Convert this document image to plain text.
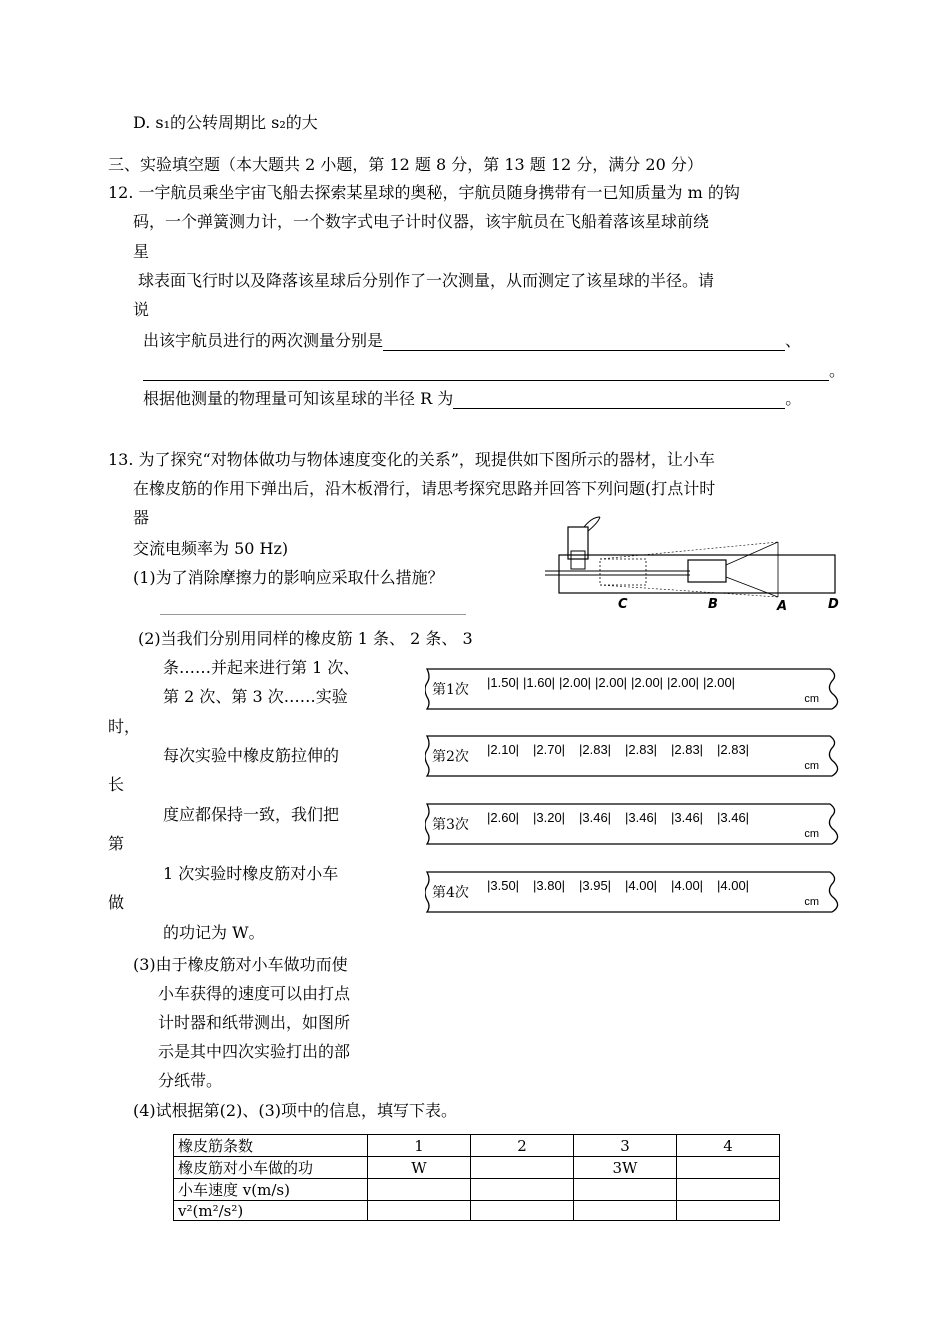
D. s₁的公转周期比 s₂的大
三、实验填空题（本大题共 2 小题，第 12 题 8 分，第 13 题 12 分，满分 20 分）
12. 一宇航员乘坐宇宙飞船去探索某星球的奥秘，宇航员随身携带有一已知质量为 m 的钩
码，一个弹簧测力计，一个数字式电子计时仪器，该宇航员在飞船着落该星球前绕
星
球表面飞行时以及降落该星球后分别作了一次测量，从而测定了该星球的半径。请
说
出该宇航员进行的两次测量分别是	、
。
根据他测量的物理量可知该星球的半径 R 为	。
13. 为了探究“对物体做功与物体速度变化的关系”，现提供如下图所示的器材，让小车
在橡皮筋的作用下弹出后，沿木板滑行，请思考探究思路并回答下列问题(打点计时
器
交流电频率为 50 Hz)
(1)为了消除摩擦力的影响应采取什么措施？
(2)当我们分别用同样的橡皮筋 1 条、 2 条、 3
条……并起来进行第 1 次、
第 2 次、第 3 次……实验
时，
每次实验中橡皮筋拉伸的
长
度应都保持一致，我们把
第
1 次实验时橡皮筋对小车
做
的功记为 W。
(3)由于橡皮筋对小车做功而使
小车获得的速度可以由打点
计时器和纸带测出，如图所
示是其中四次实验打出的部
分纸带。
(4)试根据第(2)、(3)项中的信息，填写下表。
C	B	A	D
第1次 |1.50| |1.60| |2.00| |2.00| |2.00| |2.00| |2.00|
cm
第2次 |2.10| |2.70| |2.83| |2.83| |2.83| |2.83|
cm
第3次 |2.60| |3.20| |3.46| |3.46| |3.46| |3.46|
cm
第4次 |3.50| |3.80| |3.95| |4.00| |4.00| |4.00|
cm
橡皮筋条数	1	2	3	4
橡皮筋对小车做的功	W		3W	
小车速度 v(m/s)				
v²(m²/s²)				
